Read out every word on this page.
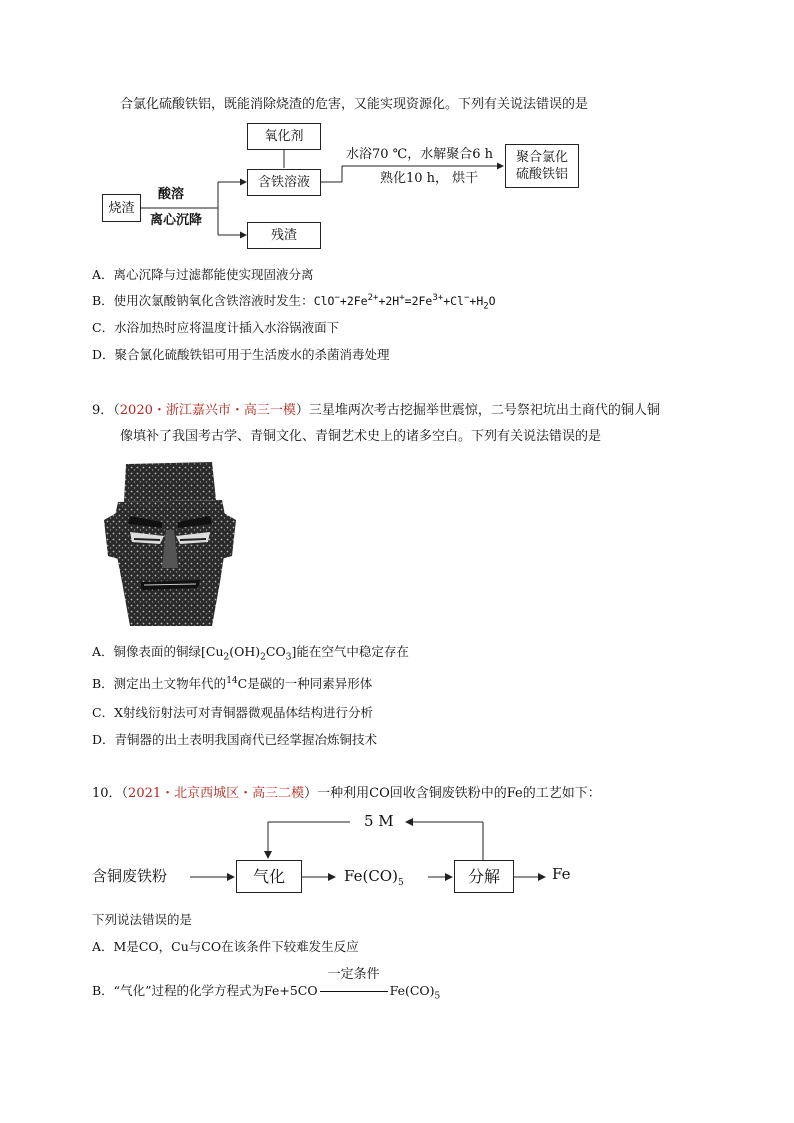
合氯化硫酸铁铝，既能消除烧渣的危害，又能实现资源化。下列有关说法错误的是
烧渣
酸溶
离心沉降
氧化剂
含铁溶液
残渣
水浴70 ℃，水解聚合6 h
熟化10 h， 烘干
聚合氯化
硫酸铁铝
A．离心沉降与过滤都能使实现固液分离
B．使用次氯酸钠氧化含铁溶液时发生：$ClO^-+2Fe^{2+}+2H^+=2Fe^{3+}+Cl^-+H_2O$
C．水浴加热时应将温度计插入水浴锅液面下
D．聚合氯化硫酸铁铝可用于生活废水的杀菌消毒处理
9．（2020・浙江嘉兴市・高三一模）三星堆两次考古挖掘举世震惊，二号祭祀坑出土商代的铜人铜
像填补了我国考古学、青铜文化、青铜艺术史上的诸多空白。下列有关说法错误的是
A．铜像表面的铜绿$[Cu_2(OH)_2CO_3]$能在空气中稳定存在
B．测定出土文物年代的$^{14}$C是碳的一种同素异形体
C．X射线衍射法可对青铜器微观晶体结构进行分析
D．青铜器的出土表明我国商代已经掌握冶炼铜技术
10．（2021・北京西城区・高三二模）一种利用CO回收含铜废铁粉中的Fe的工艺如下：
含铜废铁粉	气化	$Fe(CO)_5$	分解	Fe
5 M
下列说法错误的是
A．M是CO，Cu与CO在该条件下较难发生反应
B．“气化”过程的化学方程式为Fe+5CO
一定条件
$Fe(CO)_5$
